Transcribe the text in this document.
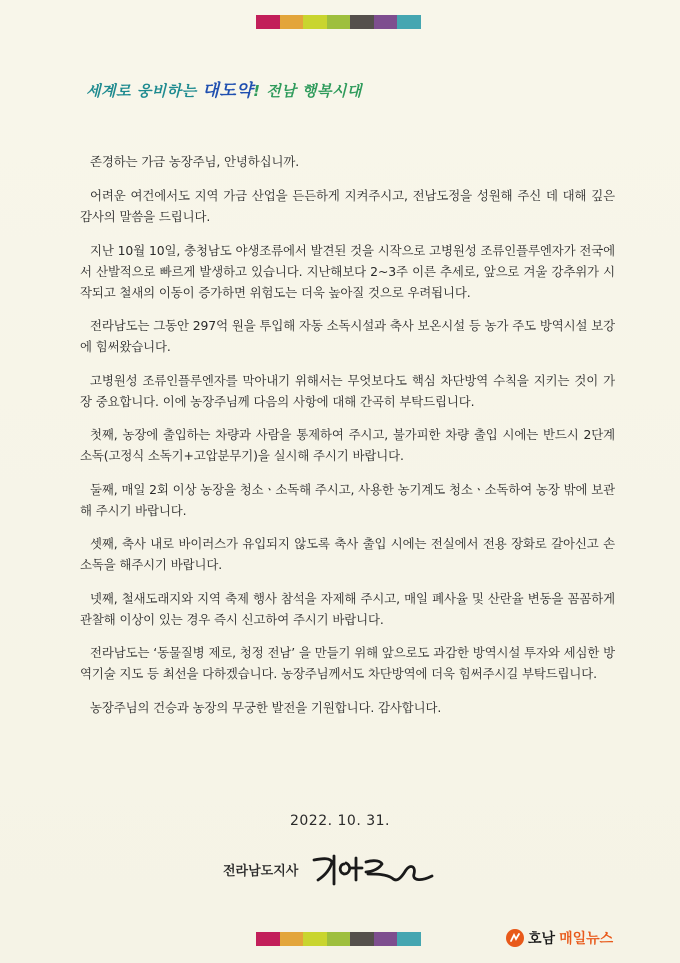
세계로 웅비하는 대도약! 전남 행복시대

존경하는 가금 농장주님, 안녕하십니까.

어려운 여건에서도 지역 가금 산업을 든든하게 지켜주시고, 전남도정을 성원해 주신 데 대해 깊은 감사의 말씀을 드립니다.

지난 10월 10일, 충청남도 야생조류에서 발견된 것을 시작으로 고병원성 조류인플루엔자가 전국에서 산발적으로 빠르게 발생하고 있습니다. 지난해보다 2~3주 이른 추세로, 앞으로 겨울 강추위가 시작되고 철새의 이동이 증가하면 위험도는 더욱 높아질 것으로 우려됩니다.

전라남도는 그동안 297억 원을 투입해 자동 소독시설과 축사 보온시설 등 농가 주도 방역시설 보강에 힘써왔습니다.

고병원성 조류인플루엔자를 막아내기 위해서는 무엇보다도 핵심 차단방역 수칙을 지키는 것이 가장 중요합니다. 이에 농장주님께 다음의 사항에 대해 간곡히 부탁드립니다.

첫째, 농장에 출입하는 차량과 사람을 통제하여 주시고, 불가피한 차량 출입 시에는 반드시 2단계 소독(고정식 소독기+고압분무기)을 실시해 주시기 바랍니다.

둘째, 매일 2회 이상 농장을 청소ㆍ소독해 주시고, 사용한 농기계도 청소ㆍ소독하여 농장 밖에 보관해 주시기 바랍니다.

셋째, 축사 내로 바이러스가 유입되지 않도록 축사 출입 시에는 전실에서 전용 장화로 갈아신고 손 소독을 해주시기 바랍니다.

넷째, 철새도래지와 지역 축제 행사 참석을 자제해 주시고, 매일 폐사율 및 산란율 변동을 꼼꼼하게 관찰해 이상이 있는 경우 즉시 신고하여 주시기 바랍니다.

전라남도는 ‘동물질병 제로, 청정 전남’ 을 만들기 위해 앞으로도 과감한 방역시설 투자와 세심한 방역기술 지도 등 최선을 다하겠습니다. 농장주님께서도 차단방역에 더욱 힘써주시길 부탁드립니다.

농장주님의 건승과 농장의 무궁한 발전을 기원합니다. 감사합니다.

2022. 10. 31.
전라남도지사
호남 매일뉴스
